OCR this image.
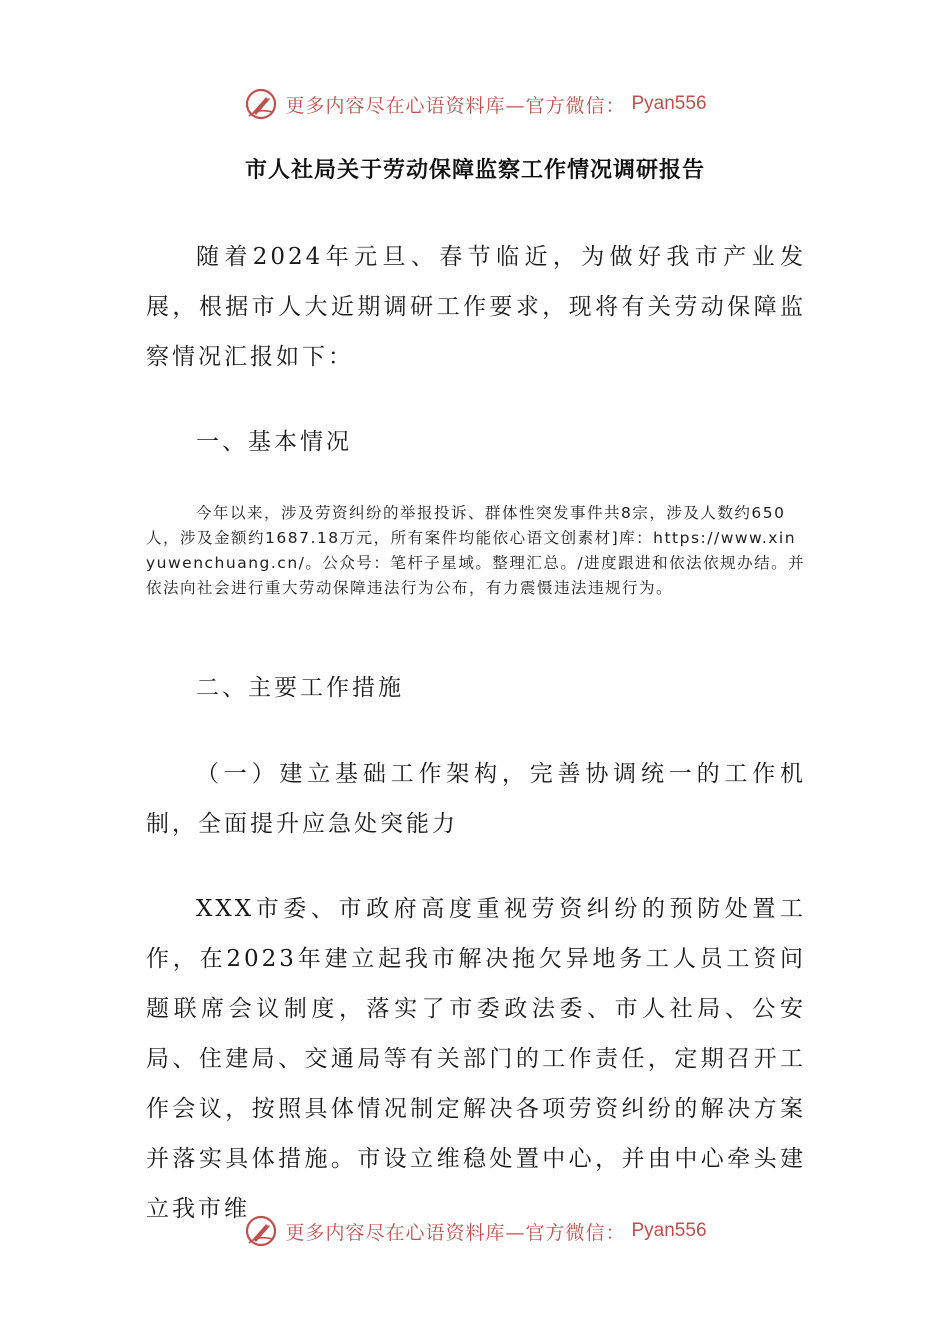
更多内容尽在心语资料库—官方微信： Pyan556
市人社局关于劳动保障监察工作情况调研报告

随着2024年元旦、春节临近，为做好我市产业发展，根据市人大近期调研工作要求，现将有关劳动保障监察情况汇报如下：

一、基本情况

今年以来，涉及劳资纠纷的举报投诉、群体性突发事件共8宗，涉及人数约650人，涉及金额约1687.18万元，所有案件均能依心语文创素材]库：https://www.xinyuwenchuang.cn/。公众号：笔杆子星域。整理汇总。/进度跟进和依法依规办结。并依法向社会进行重大劳动保障违法行为公布，有力震慑违法违规行为。

二、主要工作措施

（一）建立基础工作架构，完善协调统一的工作机制，全面提升应急处突能力

XXX市委、市政府高度重视劳资纠纷的预防处置工作，在2023年建立起我市解决拖欠异地务工人员工资问题联席会议制度，落实了市委政法委、市人社局、公安局、住建局、交通局等有关部门的工作责任，定期召开工作会议，按照具体情况制定解决各项劳资纠纷的解决方案并落实具体措施。市设立维稳处置中心，并由中心牵头建立我市维

更多内容尽在心语资料库—官方微信： Pyan556
